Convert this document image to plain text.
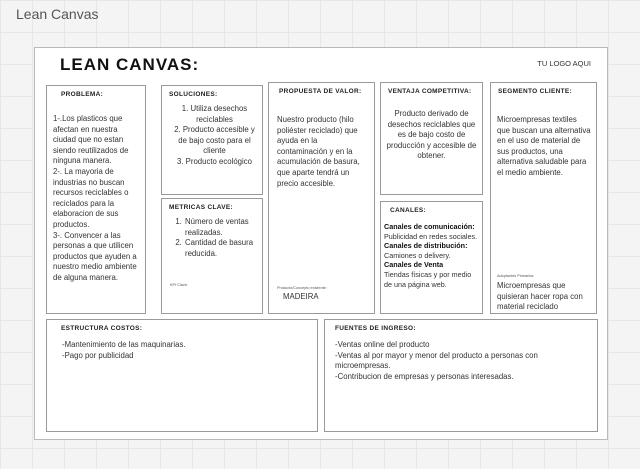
Lean Canvas
LEAN CANVAS:	TU LOGO AQUI
PROBLEMA:
1-.Los plasticos que afectan en nuestra ciudad que no estan siendo reutilizados de ninguna manera.
2-. La mayoria de industrias no buscan recursos reciclables o reciclados para la elaboracion de sus productos.
3-. Convencer a las personas a que utilicen productos que ayuden a nuestro medio ambiente de alguna manera.
SOLUCIONES:
1. Utiliza desechos reciclables
2. Producto accesible y de bajo costo para el cliente
3. Producto ecológico
METRICAS CLAVE:
1. Número de ventas realizadas.
2. Cantidad de basura reducida.
KPI Clave:
PROPUESTA DE VALOR:
Nuestro producto (hilo poliéster reciclado) que ayuda en la contaminación y en la acumulación de basura, que aparte tendrá un precio accesible.
Producto/Concepto existente:
MADEIRA
VENTAJA COMPETITIVA:
Producto derivado de desechos reciclables que es de bajo costo de producción y accesible de obtener.
CANALES:
Canales de comunicación:
Publicidad en redes sociales.
Canales de distribución:
Camiones o delivery.
Canales de Venta
Tiendas físicas y por medio de una página web.
SEGMENTO CLIENTE:
Microempresas textiles que buscan una alternativa en el uso de material de sus productos, una alternativa saludable para el medio ambiente.
Adoptantes Primarios:
Microempresas que quisieran hacer ropa con material reciclado
ESTRUCTURA COSTOS:
-Mantenimiento de las maquinarias.
-Pago por publicidad
FUENTES DE INGRESO:
-Ventas online del producto
-Ventas al por mayor y menor del producto a personas con microempresas.
-Contribucion de empresas y personas interesadas.
